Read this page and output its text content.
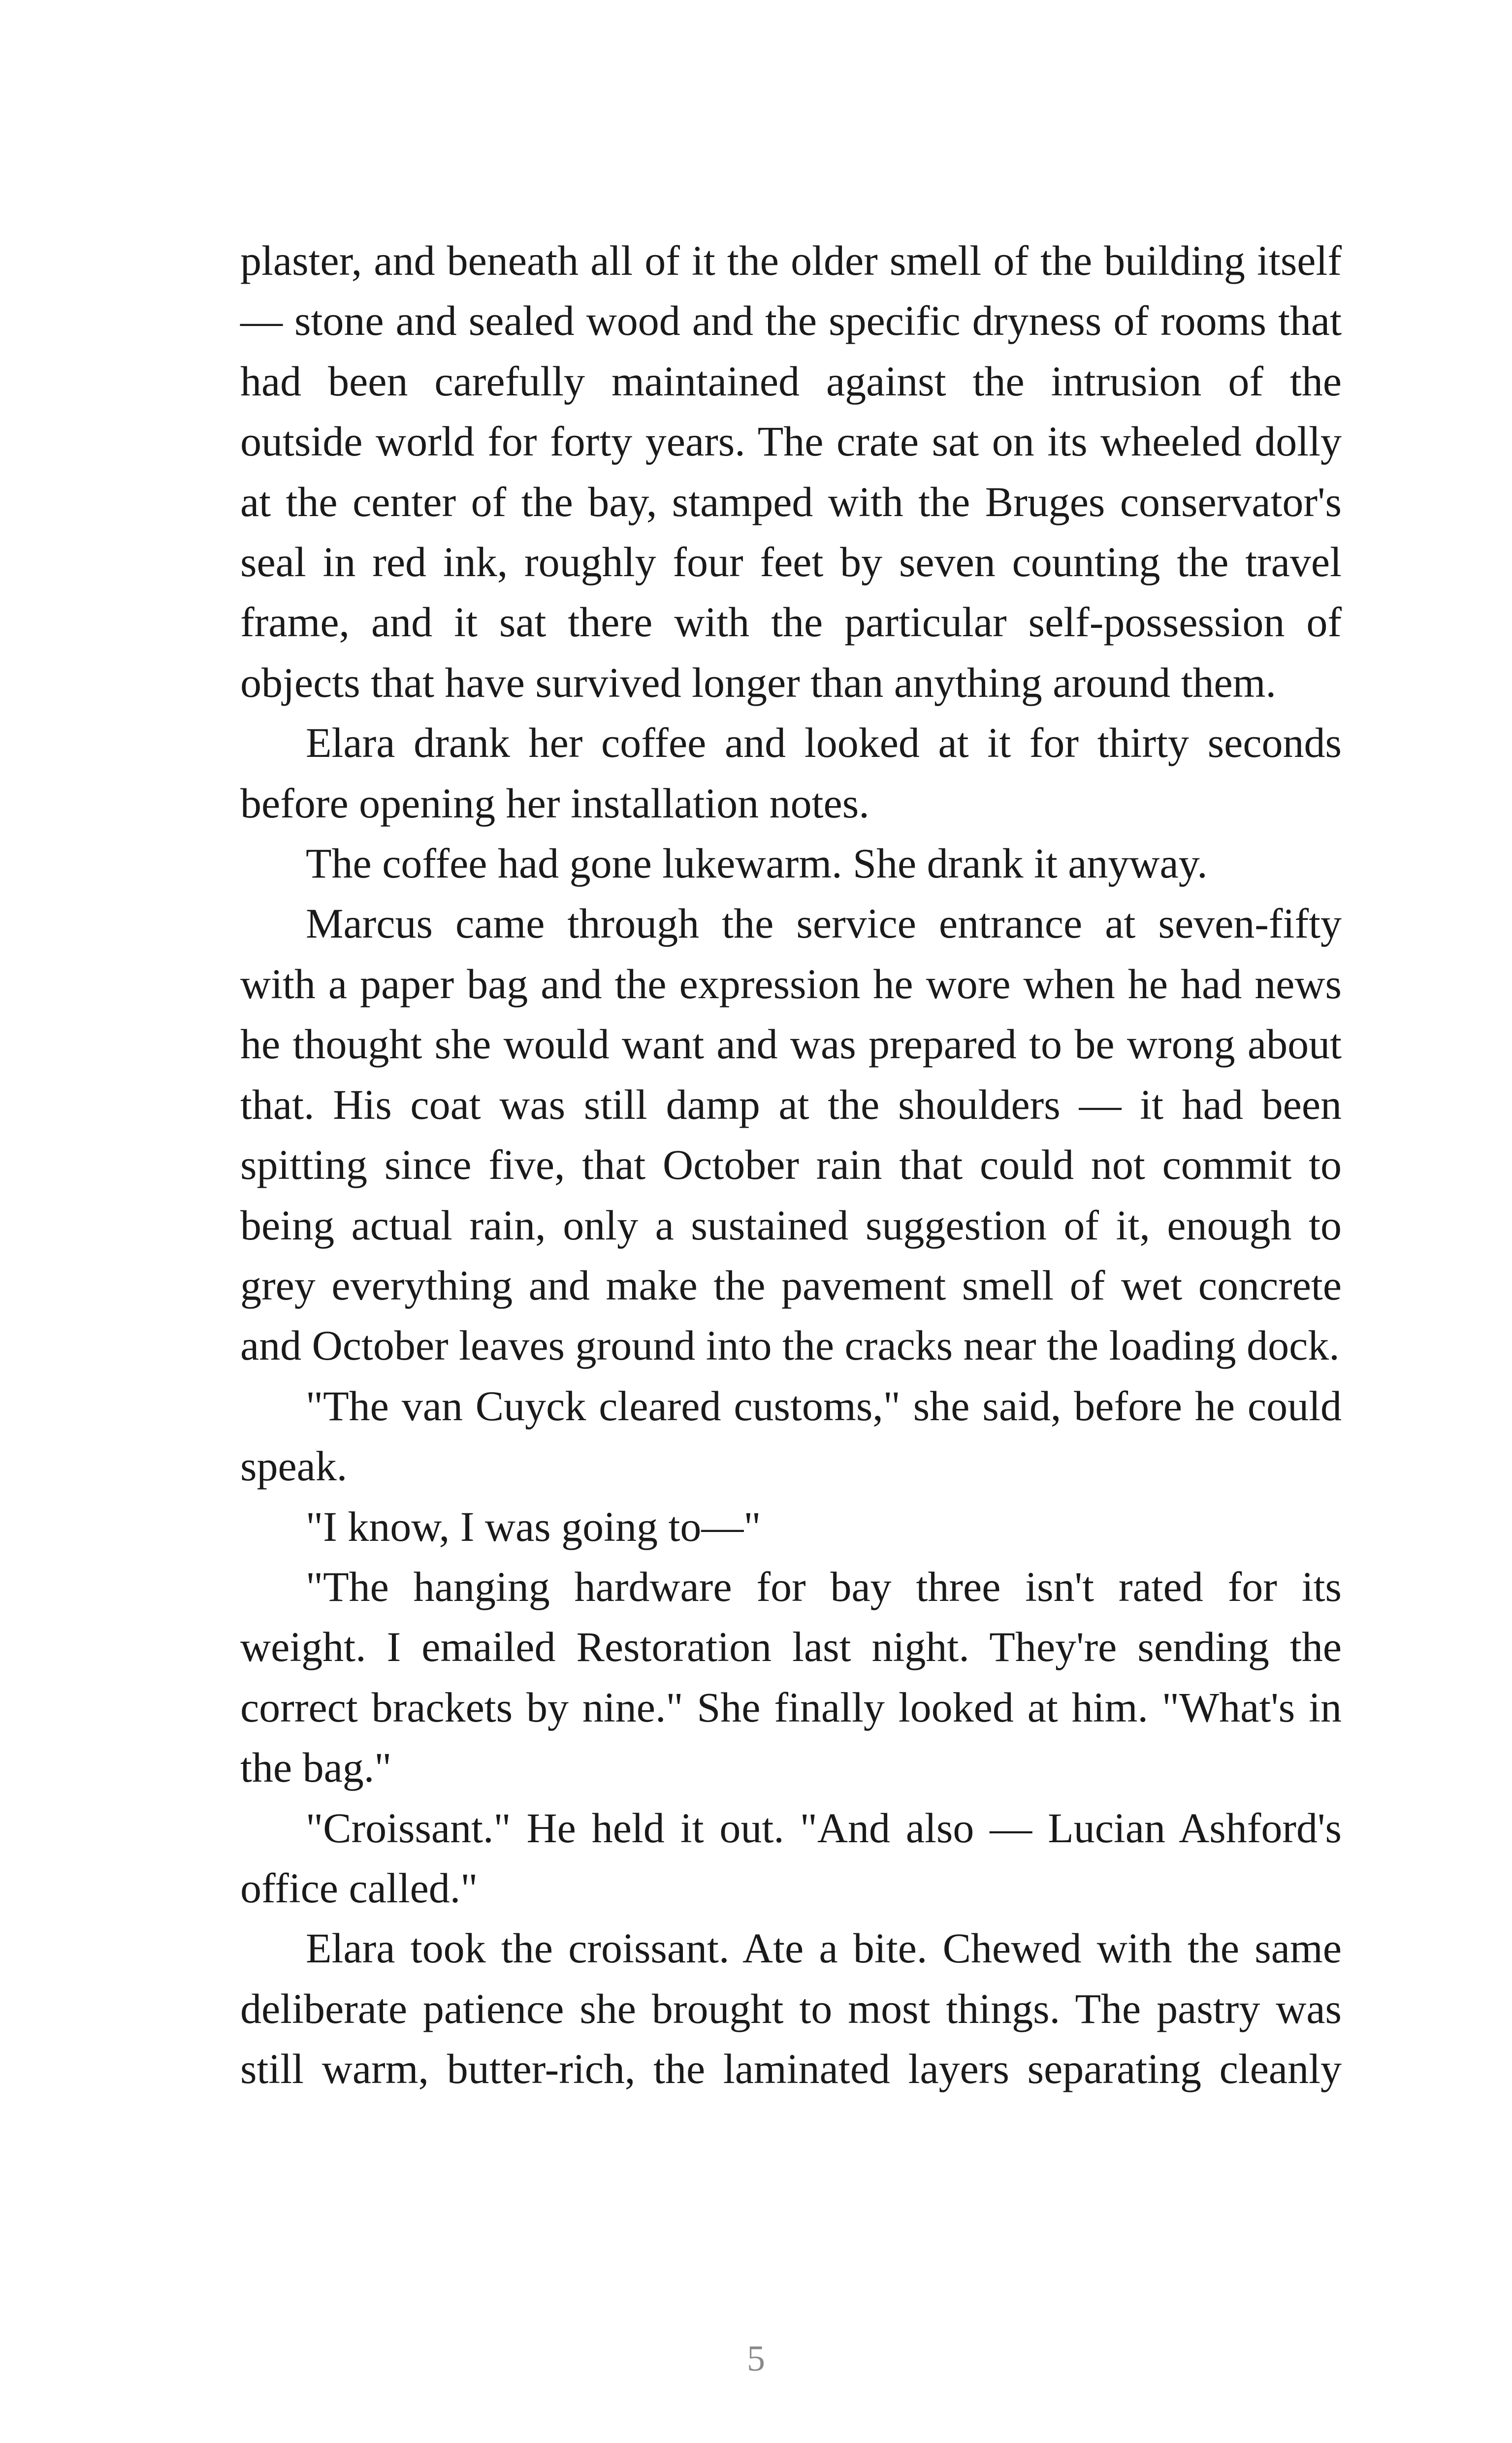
plaster, and beneath all of it the older smell of the building itself — stone and sealed wood and the specific dryness of rooms that had been carefully maintained against the intrusion of the outside world for forty years. The crate sat on its wheeled dolly at the center of the bay, stamped with the Bruges conservator's seal in red ink, roughly four feet by seven counting the travel frame, and it sat there with the particular self-possession of objects that have survived longer than anything around them.

Elara drank her coffee and looked at it for thirty seconds before opening her installation notes.

The coffee had gone lukewarm. She drank it anyway.

Marcus came through the service entrance at seven-fifty with a paper bag and the expression he wore when he had news he thought she would want and was prepared to be wrong about that. His coat was still damp at the shoulders — it had been spitting since five, that October rain that could not commit to being actual rain, only a sustained suggestion of it, enough to grey everything and make the pavement smell of wet concrete and October leaves ground into the cracks near the loading dock.

"The van Cuyck cleared customs," she said, before he could speak.

"I know, I was going to—"

"The hanging hardware for bay three isn't rated for its weight. I emailed Restoration last night. They're sending the correct brackets by nine." She finally looked at him. "What's in the bag."

"Croissant." He held it out. "And also — Lucian Ashford's office called."

Elara took the croissant. Ate a bite. Chewed with the same deliberate patience she brought to most things. The pastry was still warm, butter-rich, the laminated layers separating cleanly

5
